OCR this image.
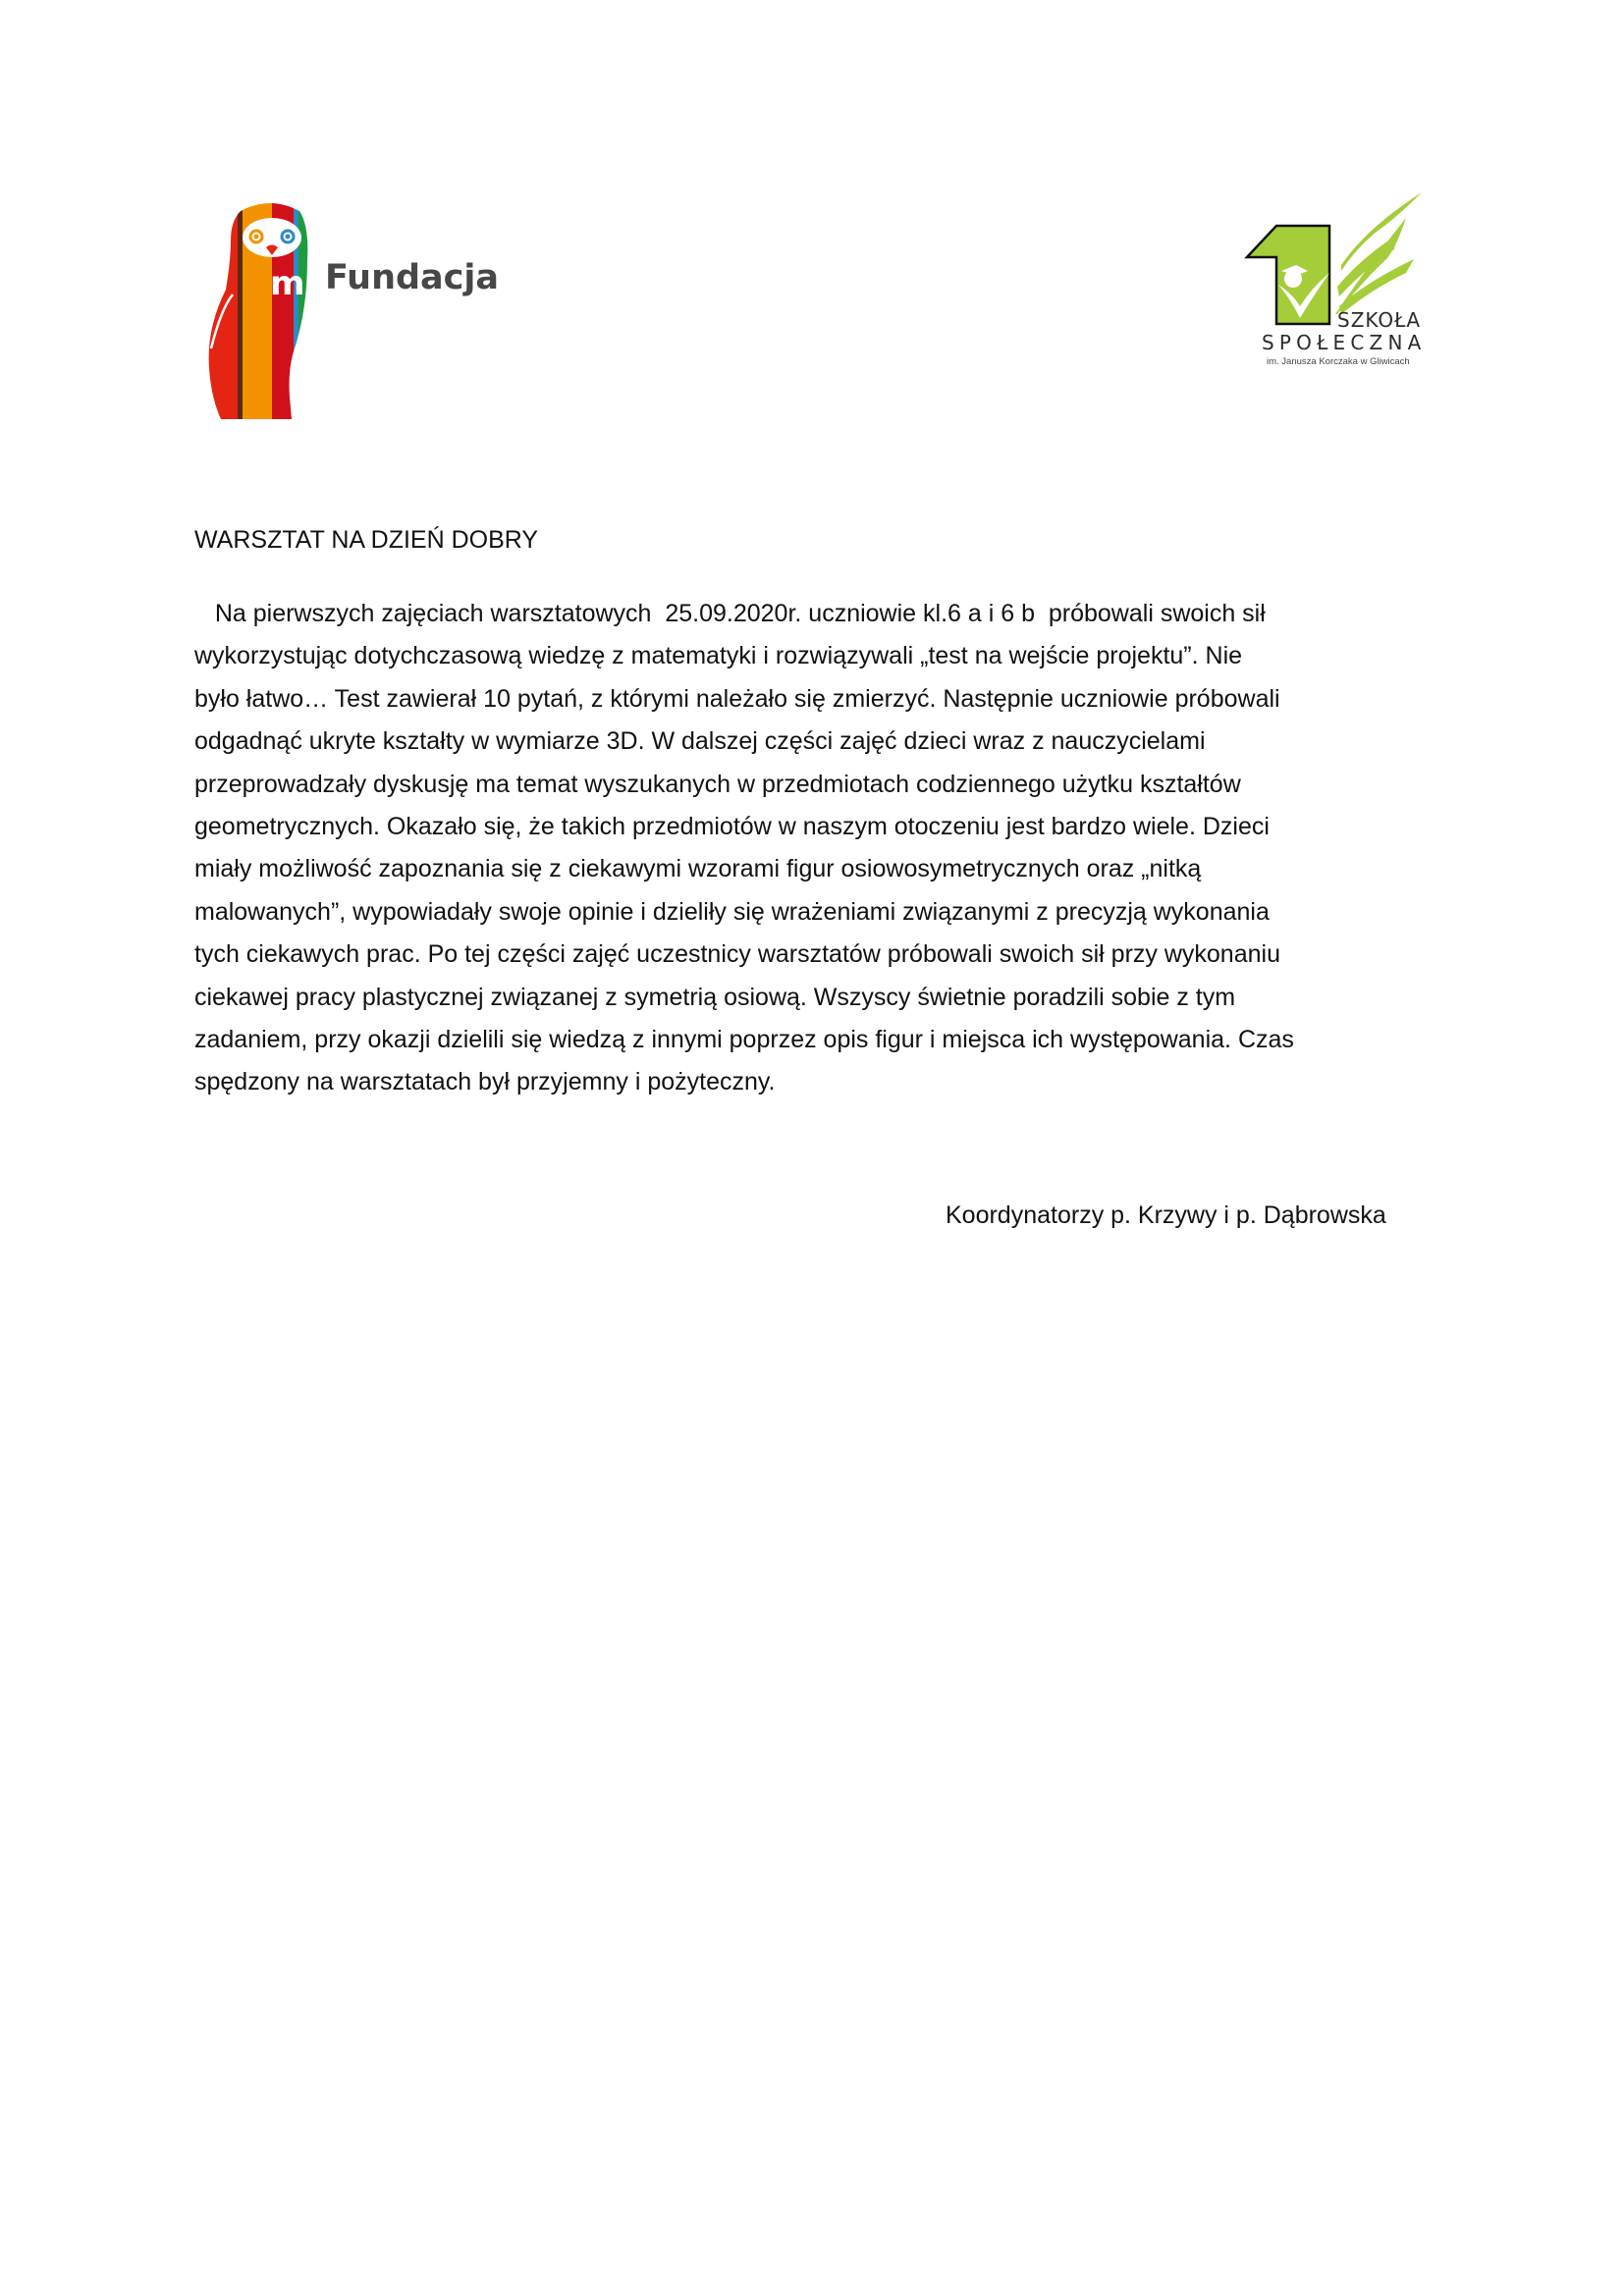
m Fundacja
SZKOŁA
SPOŁECZNA
im. Janusza Korczaka w Gliwicach
WARSZTAT NA DZIEŃ DOBRY
Na pierwszych zajęciach warsztatowych  25.09.2020r. uczniowie kl.6 a i 6 b  próbowali swoich sił
wykorzystując dotychczasową wiedzę z matematyki i rozwiązywali „test na wejście projektu”. Nie
było łatwo… Test zawierał 10 pytań, z którymi należało się zmierzyć. Następnie uczniowie próbowali
odgadnąć ukryte kształty w wymiarze 3D. W dalszej części zajęć dzieci wraz z nauczycielami
przeprowadzały dyskusję ma temat wyszukanych w przedmiotach codziennego użytku kształtów
geometrycznych. Okazało się, że takich przedmiotów w naszym otoczeniu jest bardzo wiele. Dzieci
miały możliwość zapoznania się z ciekawymi wzorami figur osiowosymetrycznych oraz „nitką
malowanych”, wypowiadały swoje opinie i dzieliły się wrażeniami związanymi z precyzją wykonania
tych ciekawych prac. Po tej części zajęć uczestnicy warsztatów próbowali swoich sił przy wykonaniu
ciekawej pracy plastycznej związanej z symetrią osiową. Wszyscy świetnie poradzili sobie z tym
zadaniem, przy okazji dzielili się wiedzą z innymi poprzez opis figur i miejsca ich występowania. Czas
spędzony na warsztatach był przyjemny i pożyteczny.
Koordynatorzy p. Krzywy i p. Dąbrowska
